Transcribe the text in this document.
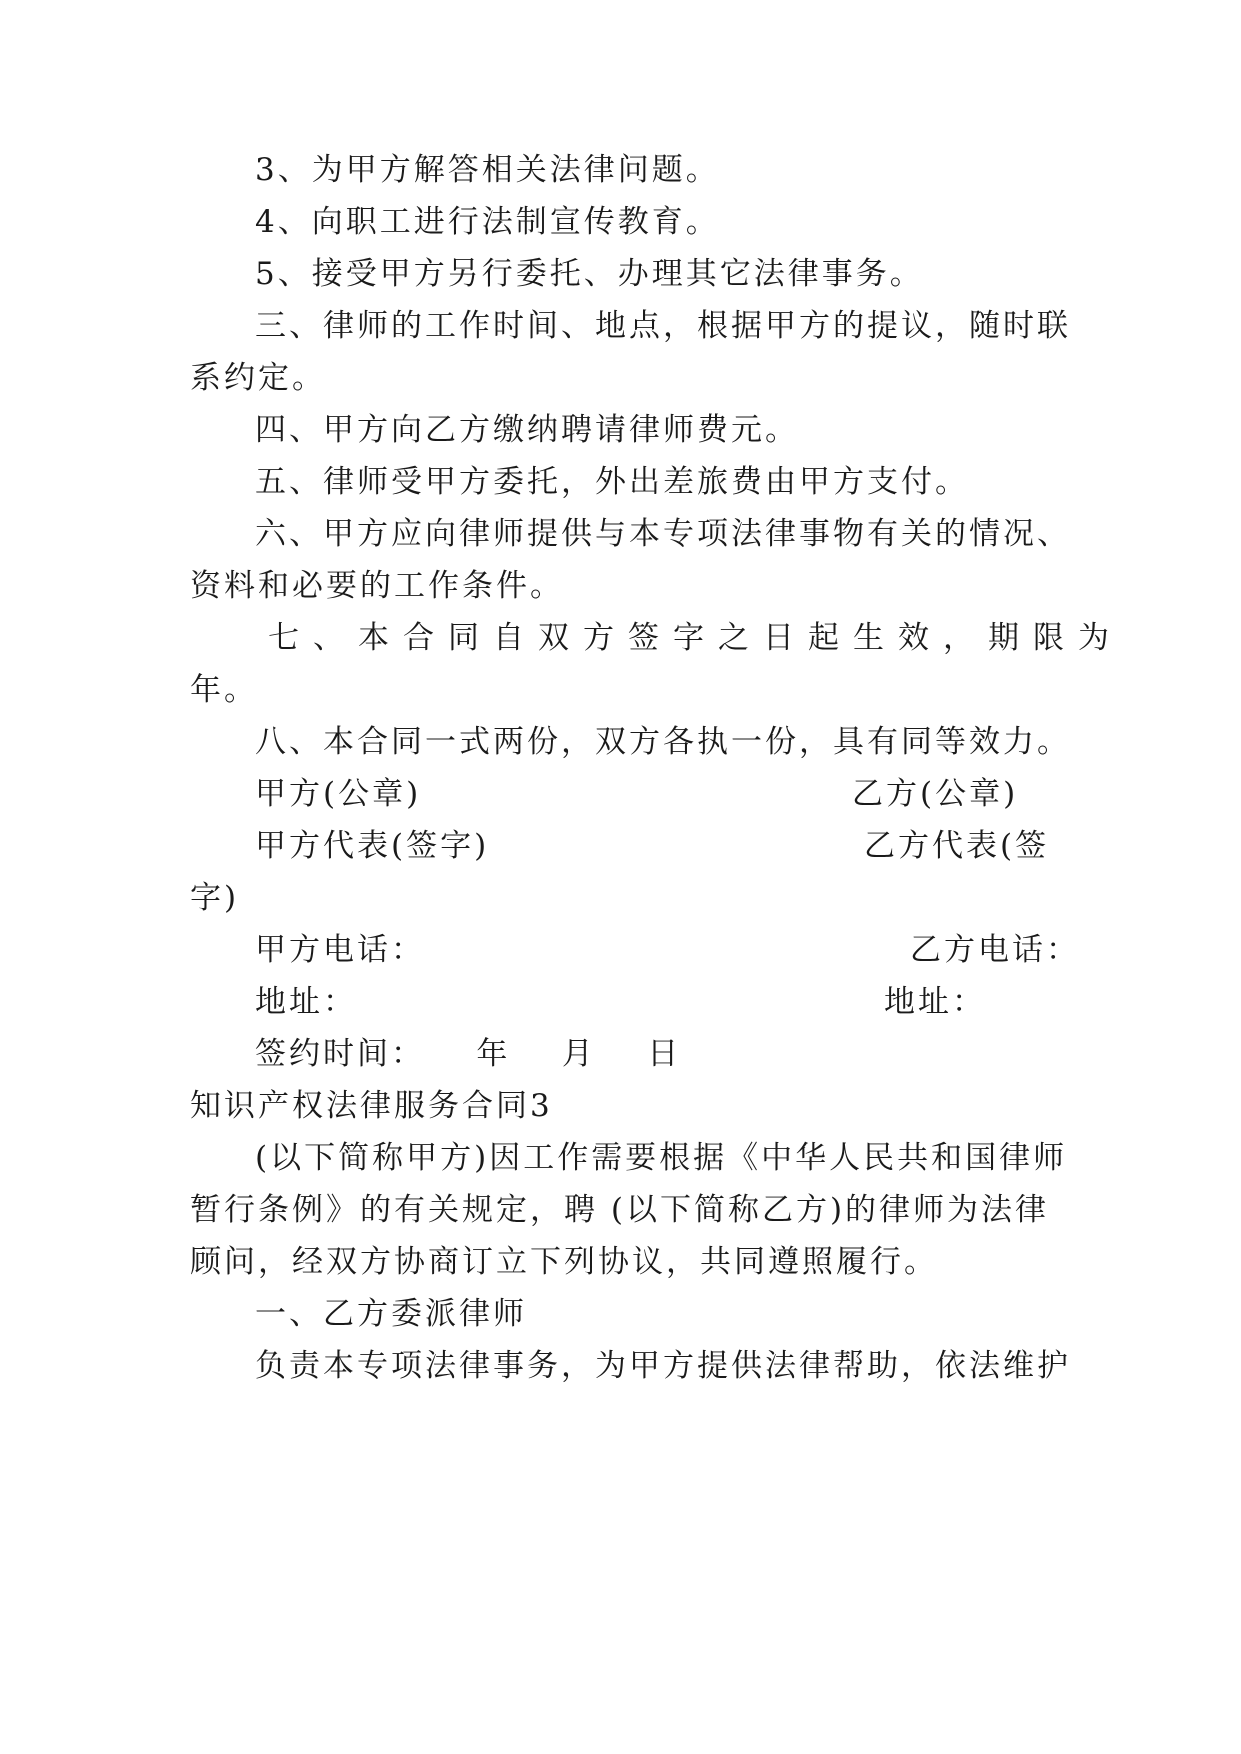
3、为甲方解答相关法律问题。
4、向职工进行法制宣传教育。
5、接受甲方另行委托、办理其它法律事务。
三、律师的工作时间、地点，根据甲方的提议，随时联
系约定。
四、甲方向乙方缴纳聘请律师费元。
五、律师受甲方委托，外出差旅费由甲方支付。
六、甲方应向律师提供与本专项法律事物有关的情况、
资料和必要的工作条件。
七、本合同自双方签字之日起生效，期限为
年。
八、本合同一式两份，双方各执一份，具有同等效力。
甲方(公章)	乙方(公章)
甲方代表(签字)	乙方代表(签
字)
甲方电话：	乙方电话：
地址：	地址：
签约时间：    年    月    日
知识产权法律服务合同3
(以下简称甲方)因工作需要根据《中华人民共和国律师
暂行条例》的有关规定，聘 (以下简称乙方)的律师为法律
顾问，经双方协商订立下列协议，共同遵照履行。
一、乙方委派律师
负责本专项法律事务，为甲方提供法律帮助，依法维护
